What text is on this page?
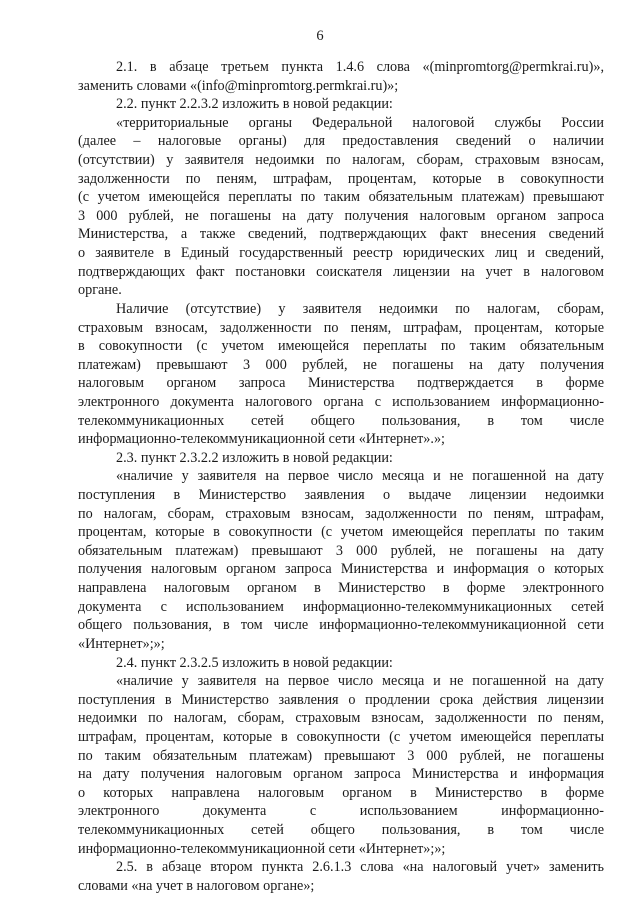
6
2.1. в абзаце третьем пункта 1.4.6 слова «(minpromtorg@permkrai.ru)»,
заменить словами «(info@minpromtorg.permkrai.ru)»;
2.2. пункт 2.2.3.2 изложить в новой редакции:
«территориальные органы Федеральной налоговой службы России
(далее – налоговые органы) для предоставления сведений о наличии
(отсутствии) у заявителя недоимки по налогам, сборам, страховым взносам,
задолженности по пеням, штрафам, процентам, которые в совокупности
(с учетом имеющейся переплаты по таким обязательным платежам) превышают
3 000 рублей, не погашены на дату получения налоговым органом запроса
Министерства, а также сведений, подтверждающих факт внесения сведений
о заявителе в Единый государственный реестр юридических лиц и сведений,
подтверждающих факт постановки соискателя лицензии на учет в налоговом
органе.
Наличие (отсутствие) у заявителя недоимки по налогам, сборам,
страховым взносам, задолженности по пеням, штрафам, процентам, которые
в совокупности (с учетом имеющейся переплаты по таким обязательным
платежам) превышают 3 000 рублей, не погашены на дату получения
налоговым органом запроса Министерства подтверждается в форме
электронного документа налогового органа с использованием информационно-
телекоммуникационных сетей общего пользования, в том числе
информационно-телекоммуникационной сети «Интернет».»;
2.3. пункт 2.3.2.2 изложить в новой редакции:
«наличие у заявителя на первое число месяца и не погашенной на дату
поступления в Министерство заявления о выдаче лицензии недоимки
по налогам, сборам, страховым взносам, задолженности по пеням, штрафам,
процентам, которые в совокупности (с учетом имеющейся переплаты по таким
обязательным платежам) превышают 3 000 рублей, не погашены на дату
получения налоговым органом запроса Министерства и информация о которых
направлена налоговым органом в Министерство в форме электронного
документа с использованием информационно-телекоммуникационных сетей
общего пользования, в том числе информационно-телекоммуникационной сети
«Интернет»;»;
2.4. пункт 2.3.2.5 изложить в новой редакции:
«наличие у заявителя на первое число месяца и не погашенной на дату
поступления в Министерство заявления о продлении срока действия лицензии
недоимки по налогам, сборам, страховым взносам, задолженности по пеням,
штрафам, процентам, которые в совокупности (с учетом имеющейся переплаты
по таким обязательным платежам) превышают 3 000 рублей, не погашены
на дату получения налоговым органом запроса Министерства и информация
о которых направлена налоговым органом в Министерство в форме
электронного документа с использованием информационно-
телекоммуникационных сетей общего пользования, в том числе
информационно-телекоммуникационной сети «Интернет»;»;
2.5. в абзаце втором пункта 2.6.1.3 слова «на налоговый учет» заменить
словами «на учет в налоговом органе»;
